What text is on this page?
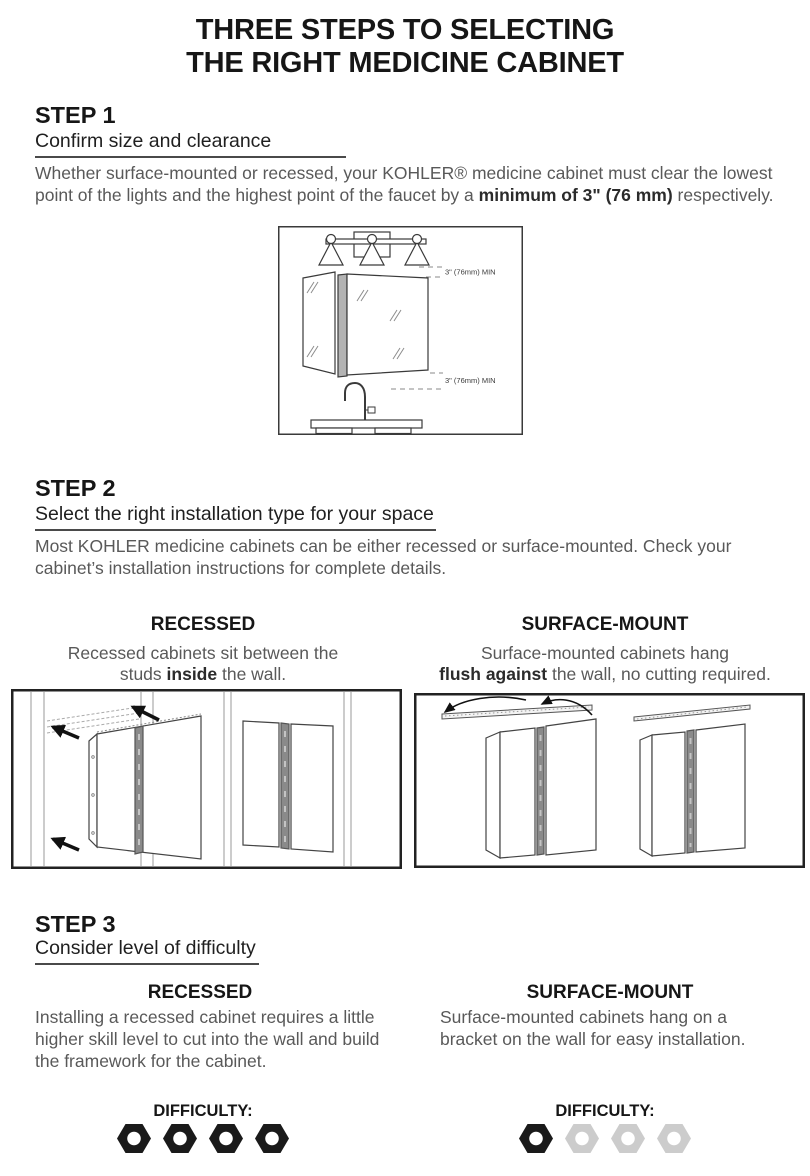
THREE STEPS TO SELECTING
THE RIGHT MEDICINE CABINET
STEP 1
Confirm size and clearance
Whether surface-mounted or recessed, your KOHLER® medicine cabinet must clear the lowest
point of the lights and the highest point of the faucet by a minimum of 3" (76 mm) respectively.
3" (76mm) MIN
3" (76mm) MIN
STEP 2
Select the right installation type for your space
Most KOHLER medicine cabinets can be either recessed or surface-mounted. Check your
cabinet’s installation instructions for complete details.
RECESSED	SURFACE-MOUNT
Recessed cabinets sit between the
studs inside the wall.
Surface-mounted cabinets hang
flush against the wall, no cutting required.
STEP 3
Consider level of difficulty
RECESSED	SURFACE-MOUNT
Installing a recessed cabinet requires a little
higher skill level to cut into the wall and build
the framework for the cabinet.
Surface-mounted cabinets hang on a
bracket on the wall for easy installation.
DIFFICULTY:	DIFFICULTY:
